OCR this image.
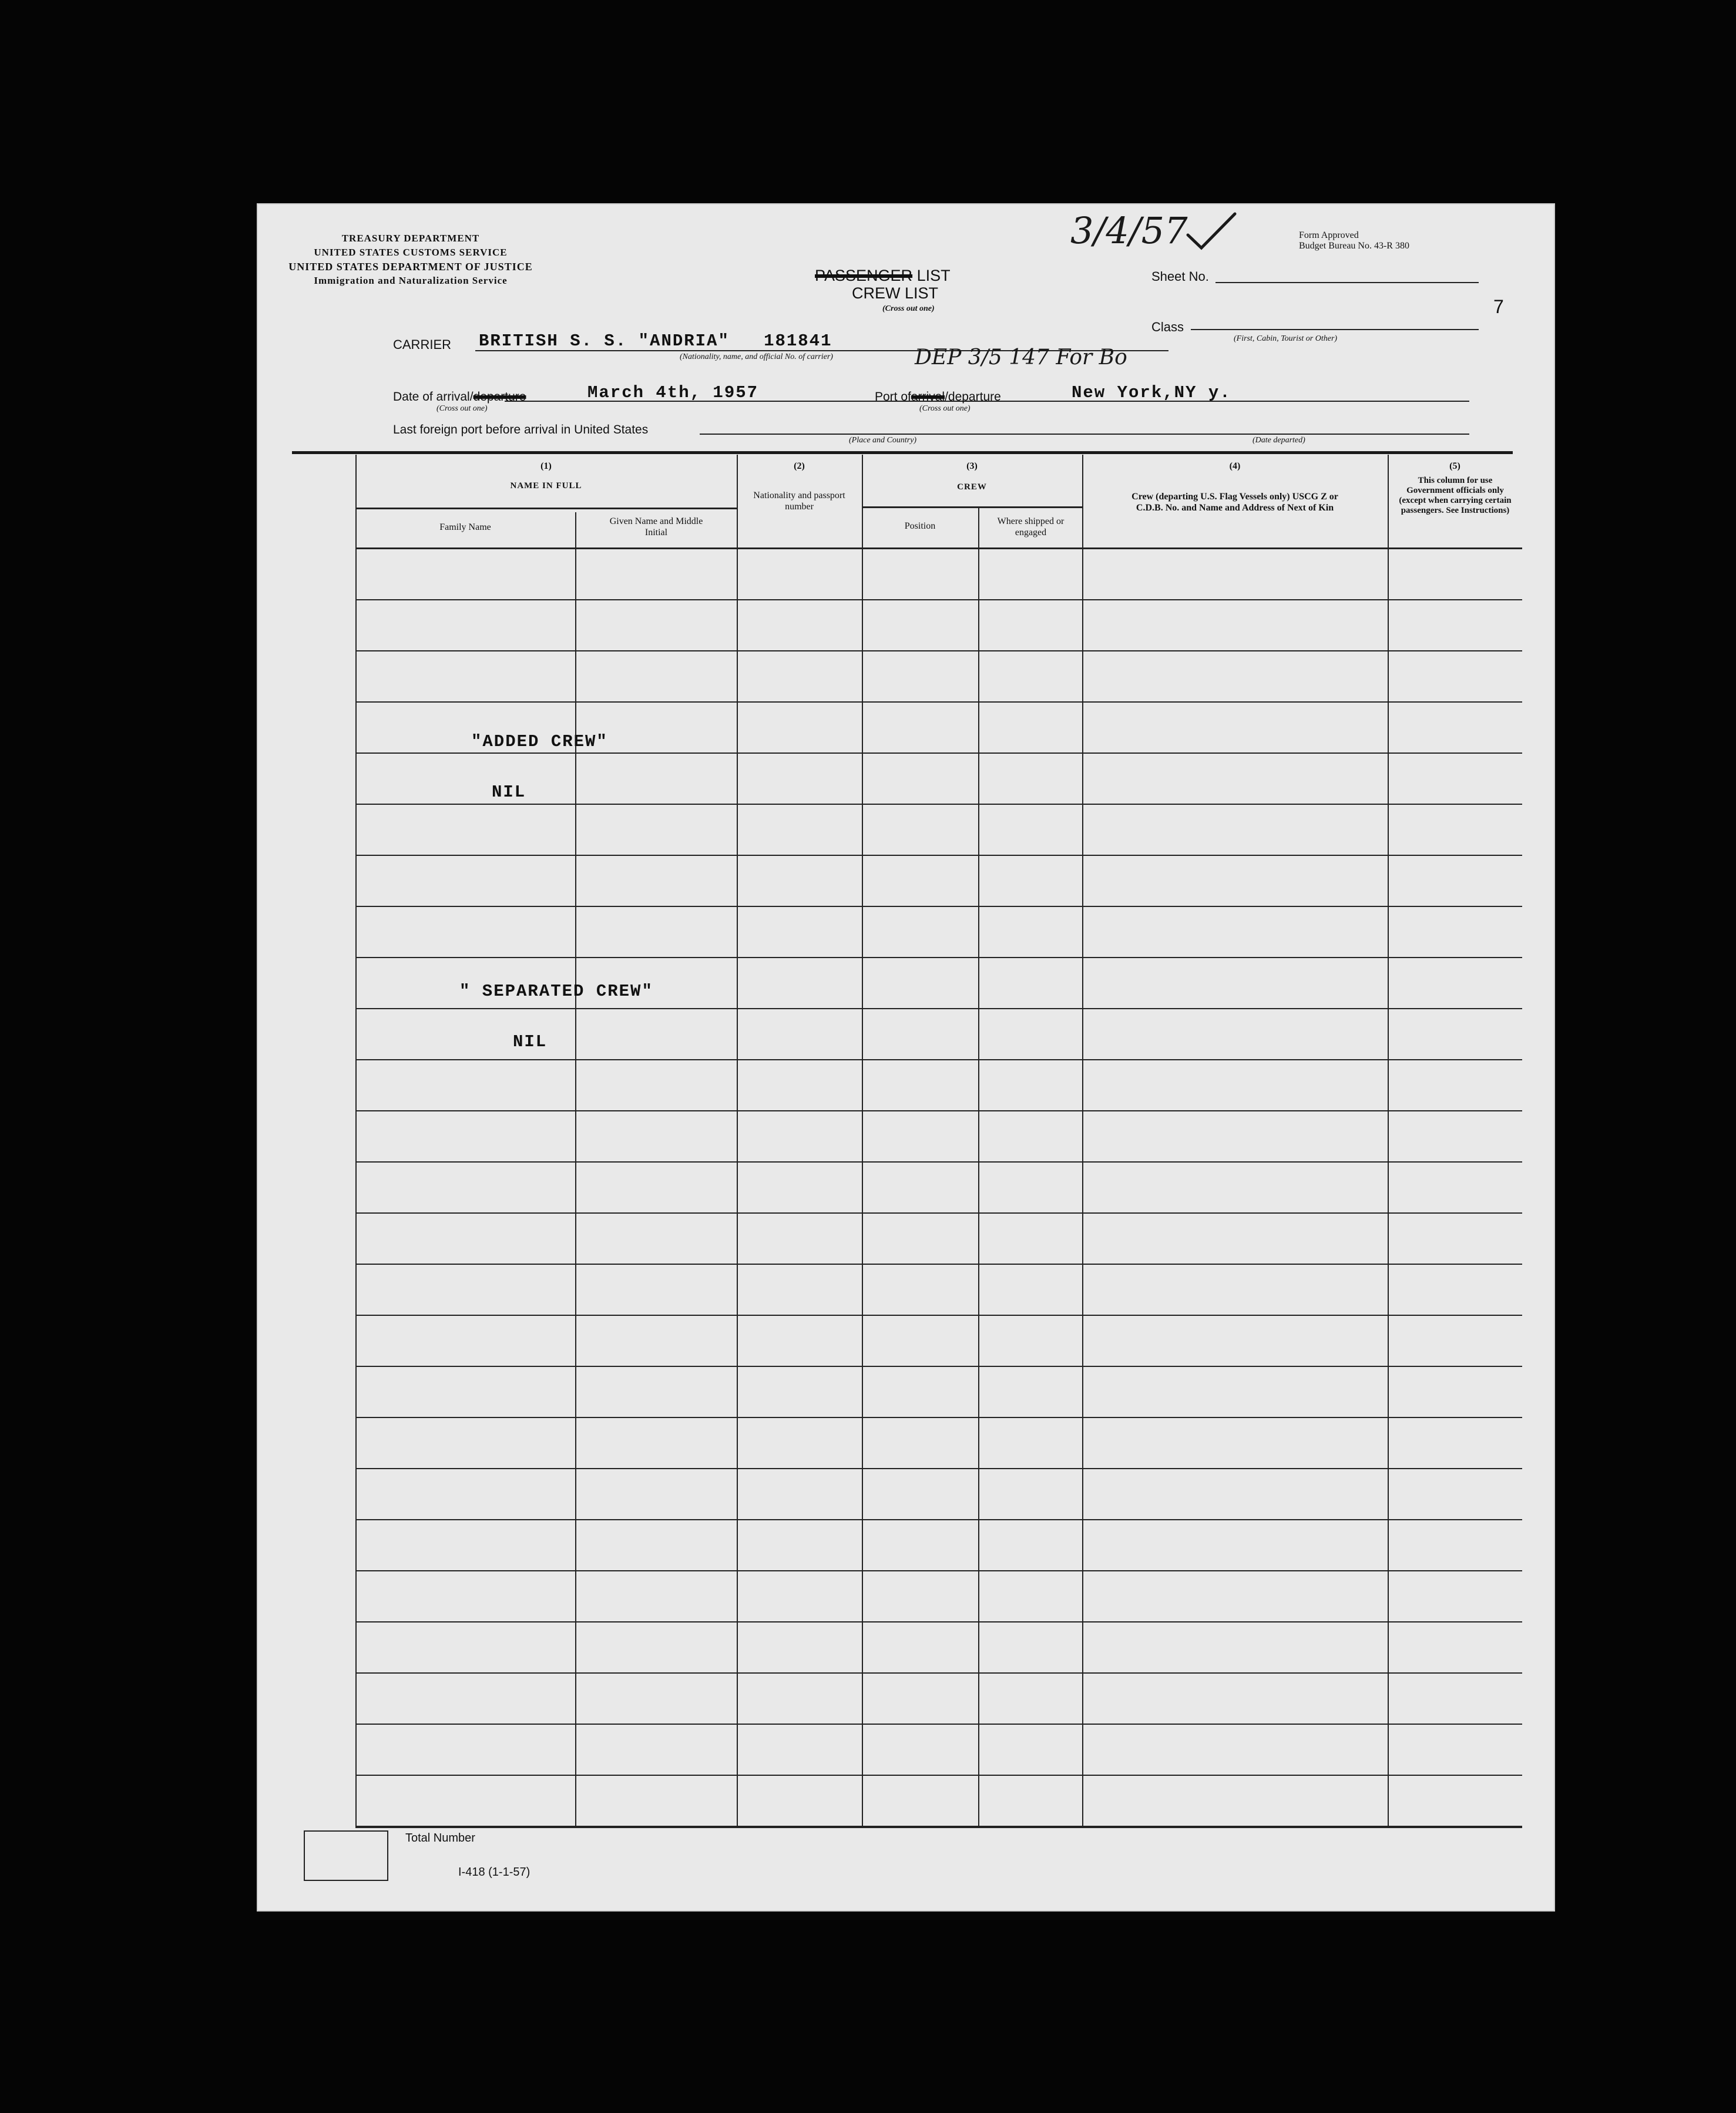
TREASURY DEPARTMENT
UNITED STATES CUSTOMS SERVICE
UNITED STATES DEPARTMENT OF JUSTICE
Immigration and Naturalization Service
3/4/57	Form Approved
Budget Bureau No. 43-R 380
PASSENGER LIST
CREW LIST
(Cross out one)
Sheet No.
Class
(First, Cabin, Tourist or Other)
7
CARRIER BRITISH S. S. "ANDRIA"   181841
(Nationality, name, and official No. of carrier)	DEP 3/5 147 For Bo
Date of arrival/departure
(Cross out one)
March 4th, 1957	Port ofarrival/departure
(Cross out one)
New York,NY y.
Last foreign port before arrival in United States
(Place and Country)	(Date departed)
(1)
NAME IN FULL
Family Name
Given Name and Middle Initial
(2)
Nationality and passport number
(3)
CREW
Position	Where shipped or engaged
(4)
Crew (departing U.S. Flag Vessels only) USCG Z or C.D.B. No. and Name and Address of Next of Kin
(5)
This column for use Government officials only (except when carrying certain passengers. See Instructions)
"ADDED CREW"
NIL
" SEPARATED CREW"
NIL
Total Number
I-418 (1-1-57)
